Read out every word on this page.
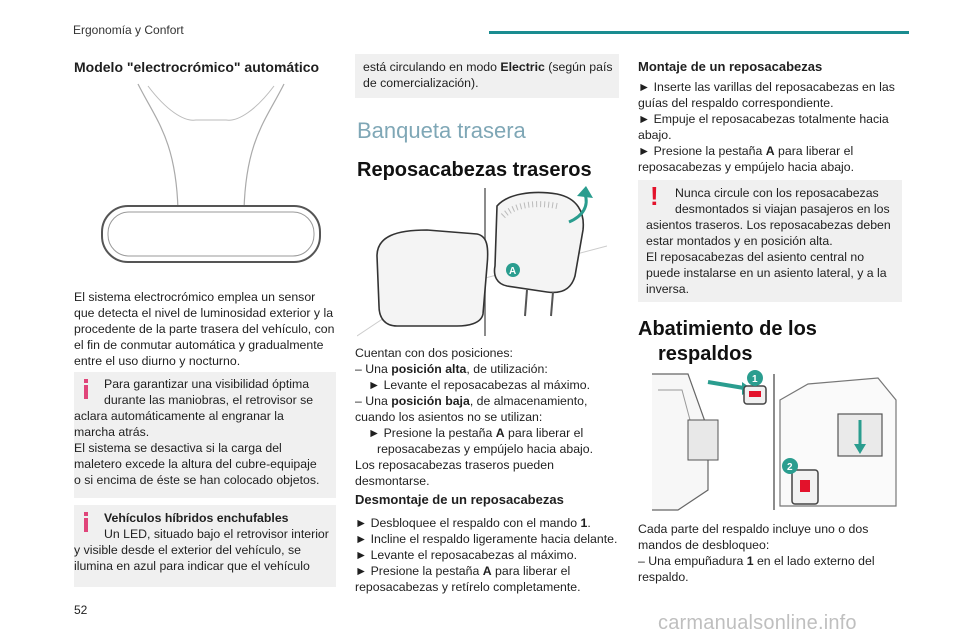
Ergonomía y Confort
Modelo "electrocrómico" automático

El sistema electrocrómico emplea un sensor

que detecta el nivel de luminosidad exterior y la

procedente de la parte trasera del vehículo, con

el fin de conmutar automática y gradualmente

entre el uso diurno y nocturno.

Para garantizar una visibilidad óptima

durante las maniobras, el retrovisor se

aclara automáticamente al engranar la

marcha atrás.

El sistema se desactiva si la carga del

maletero excede la altura del cubre-equipaje

o si encima de éste se han colocado objetos.

Vehículos híbridos enchufables

Un LED, situado bajo el retrovisor interior

y visible desde el exterior del vehículo, se

ilumina en azul para indicar que el vehículo

está circulando en modo Electric (según país

de comercialización).

Banqueta trasera
Reposacabezas traseros
A

Cuentan con dos posiciones:

– Una posición alta, de utilización:

► Levante el reposacabezas al máximo.

– Una posición baja, de almacenamiento,

cuando los asientos no se utilizan:

► Presione la pestaña A para liberar el

reposacabezas y empújelo hacia abajo.

Los reposacabezas traseros pueden

desmontarse.

Desmontaje de un reposacabezas

► Desbloquee el respaldo con el mando 1.

► Incline el respaldo ligeramente hacia delante.

► Levante el reposacabezas al máximo.

► Presione la pestaña A para liberar el

reposacabezas y retírelo completamente.

Montaje de un reposacabezas

► Inserte las varillas del reposacabezas en las

guías del respaldo correspondiente.

► Empuje el reposacabezas totalmente hacia

abajo.

► Presione la pestaña A para liberar el

reposacabezas y empújelo hacia abajo.

! Nunca circule con los reposacabezas

desmontados si viajan pasajeros en los

asientos traseros. Los reposacabezas deben

estar montados y en posición alta.

El reposacabezas del asiento central no

puede instalarse en un asiento lateral, y a la

inversa.

Abatimiento de los
respaldos
1
2

Cada parte del respaldo incluye uno o dos

mandos de desbloqueo:

– Una empuñadura 1 en el lado externo del

respaldo.

52
carmanualsonline.info
